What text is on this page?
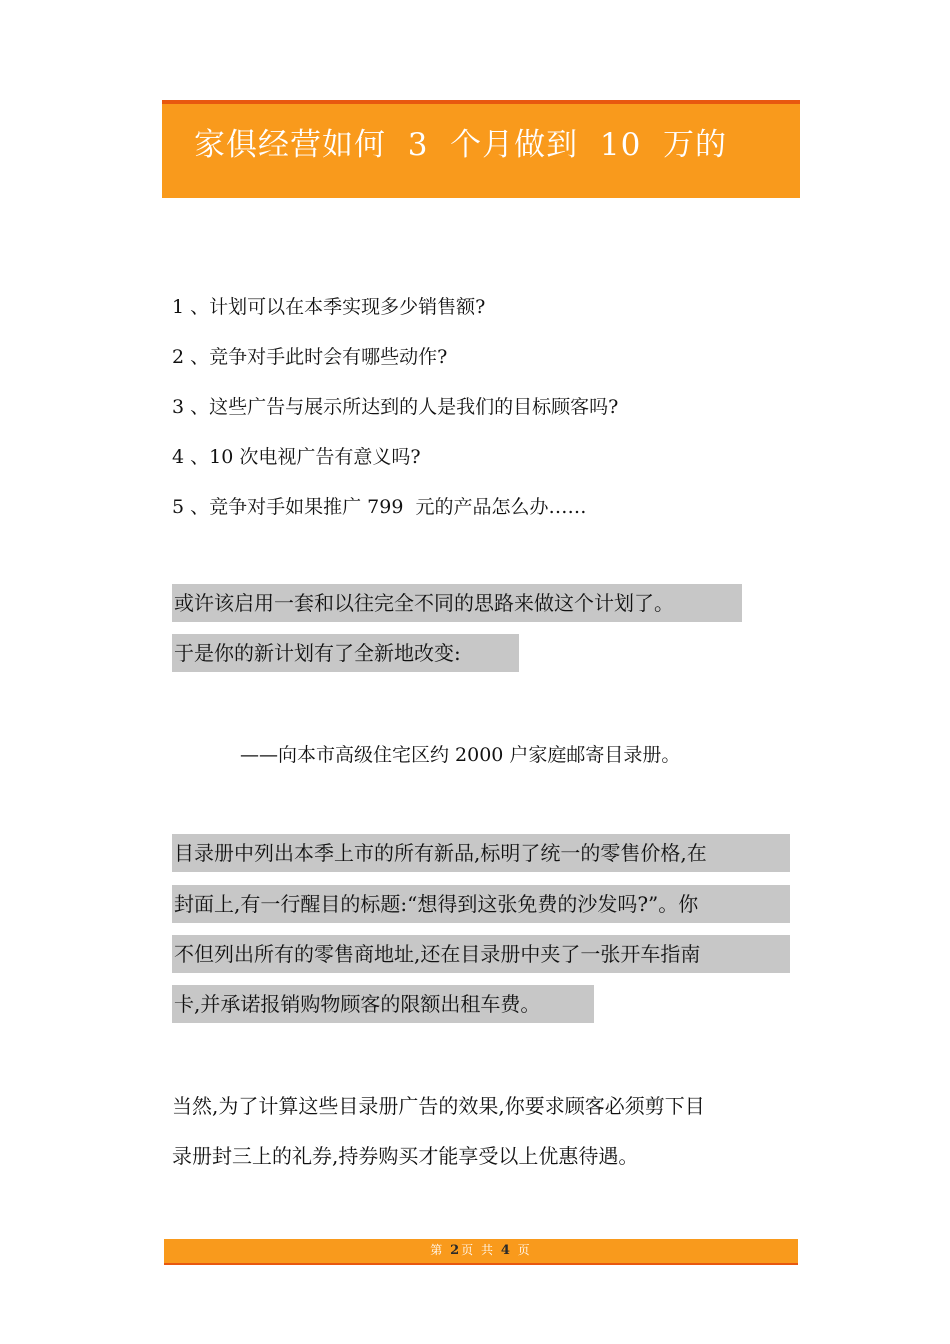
家俱经营如何  3  个月做到  10  万的
1 、计划可以在本季实现多少销售额?
2 、竞争对手此时会有哪些动作?
3 、这些广告与展示所达到的人是我们的目标顾客吗?
4 、10 次电视广告有意义吗?
5 、竞争对手如果推广 799  元的产品怎么办……
或许该启用一套和以往完全不同的思路来做这个计划了。
于是你的新计划有了全新地改变:
——向本市高级住宅区约 2000 户家庭邮寄目录册。
目录册中列出本季上市的所有新品,标明了统一的零售价格,在
封面上,有一行醒目的标题:“想得到这张免费的沙发吗?”。你
不但列出所有的零售商地址,还在目录册中夹了一张开车指南
卡,并承诺报销购物顾客的限额出租车费。
当然,为了计算这些目录册广告的效果,你要求顾客必须剪下目
录册封三上的礼券,持券购买才能享受以上优惠待遇。
第 2页 共 4 页
